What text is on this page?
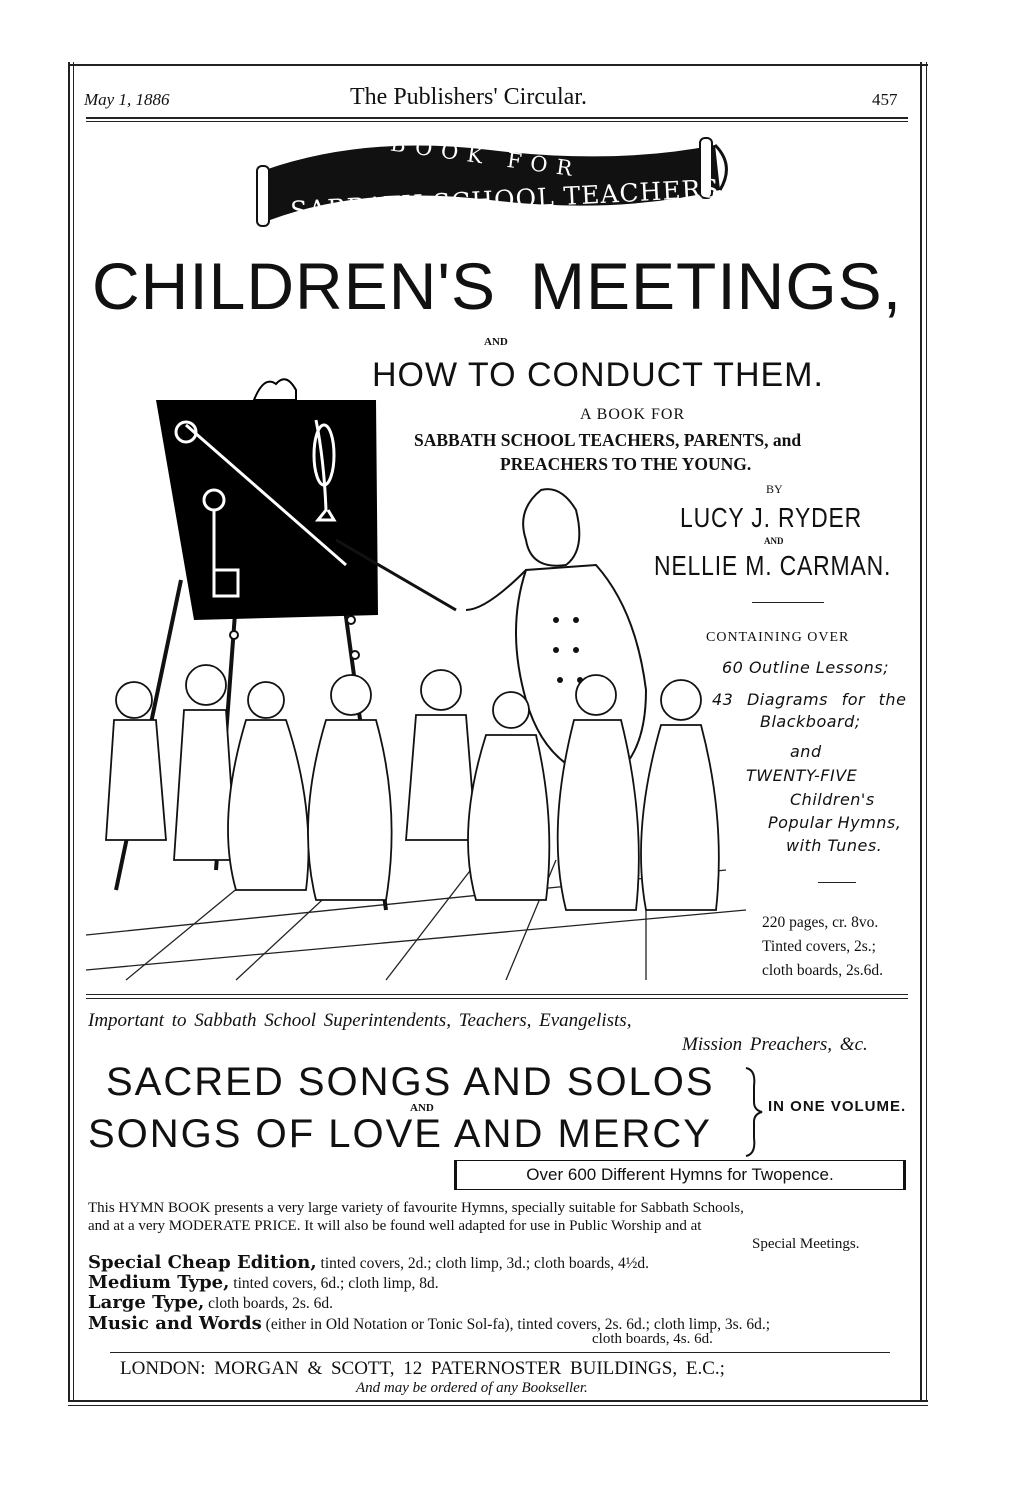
May 1, 1886	The Publishers' Circular.	457
A BOOK FOR
SABBATH SCHOOL TEACHERS
CHILDREN'S MEETINGS,
AND
HOW TO CONDUCT THEM.
A BOOK FOR
SABBATH SCHOOL TEACHERS, PARENTS, and
PREACHERS TO THE YOUNG.
BY
LUCY J. RYDER
AND
NELLIE M. CARMAN.
CONTAINING OVER
60 Outline Lessons;
43 Diagrams for the
Blackboard;
and
TWENTY-FIVE
Children's
Popular Hymns,
with Tunes.
220 pages, cr. 8vo.
Tinted covers, 2s.;
cloth boards, 2s.6d.
Important to Sabbath School Superintendents, Teachers, Evangelists,
Mission Preachers, &c.
SACRED SONGS AND SOLOS
AND
SONGS OF LOVE AND MERCY
IN ONE VOLUME.
Over 600 Different Hymns for Twopence.
This HYMN BOOK presents a very large variety of favourite Hymns, specially suitable for Sabbath Schools,
and at a very MODERATE PRICE. It will also be found well adapted for use in Public Worship and at
Special Meetings.
Special Cheap Edition, tinted covers, 2d.; cloth limp, 3d.; cloth boards, 4½d.
Medium Type, tinted covers, 6d.; cloth limp, 8d.
Large Type, cloth boards, 2s. 6d.
Music and Words (either in Old Notation or Tonic Sol-fa), tinted covers, 2s. 6d.; cloth limp, 3s. 6d.;
cloth boards, 4s. 6d.
LONDON: MORGAN & SCOTT, 12 PATERNOSTER BUILDINGS, E.C.;
And may be ordered of any Bookseller.
